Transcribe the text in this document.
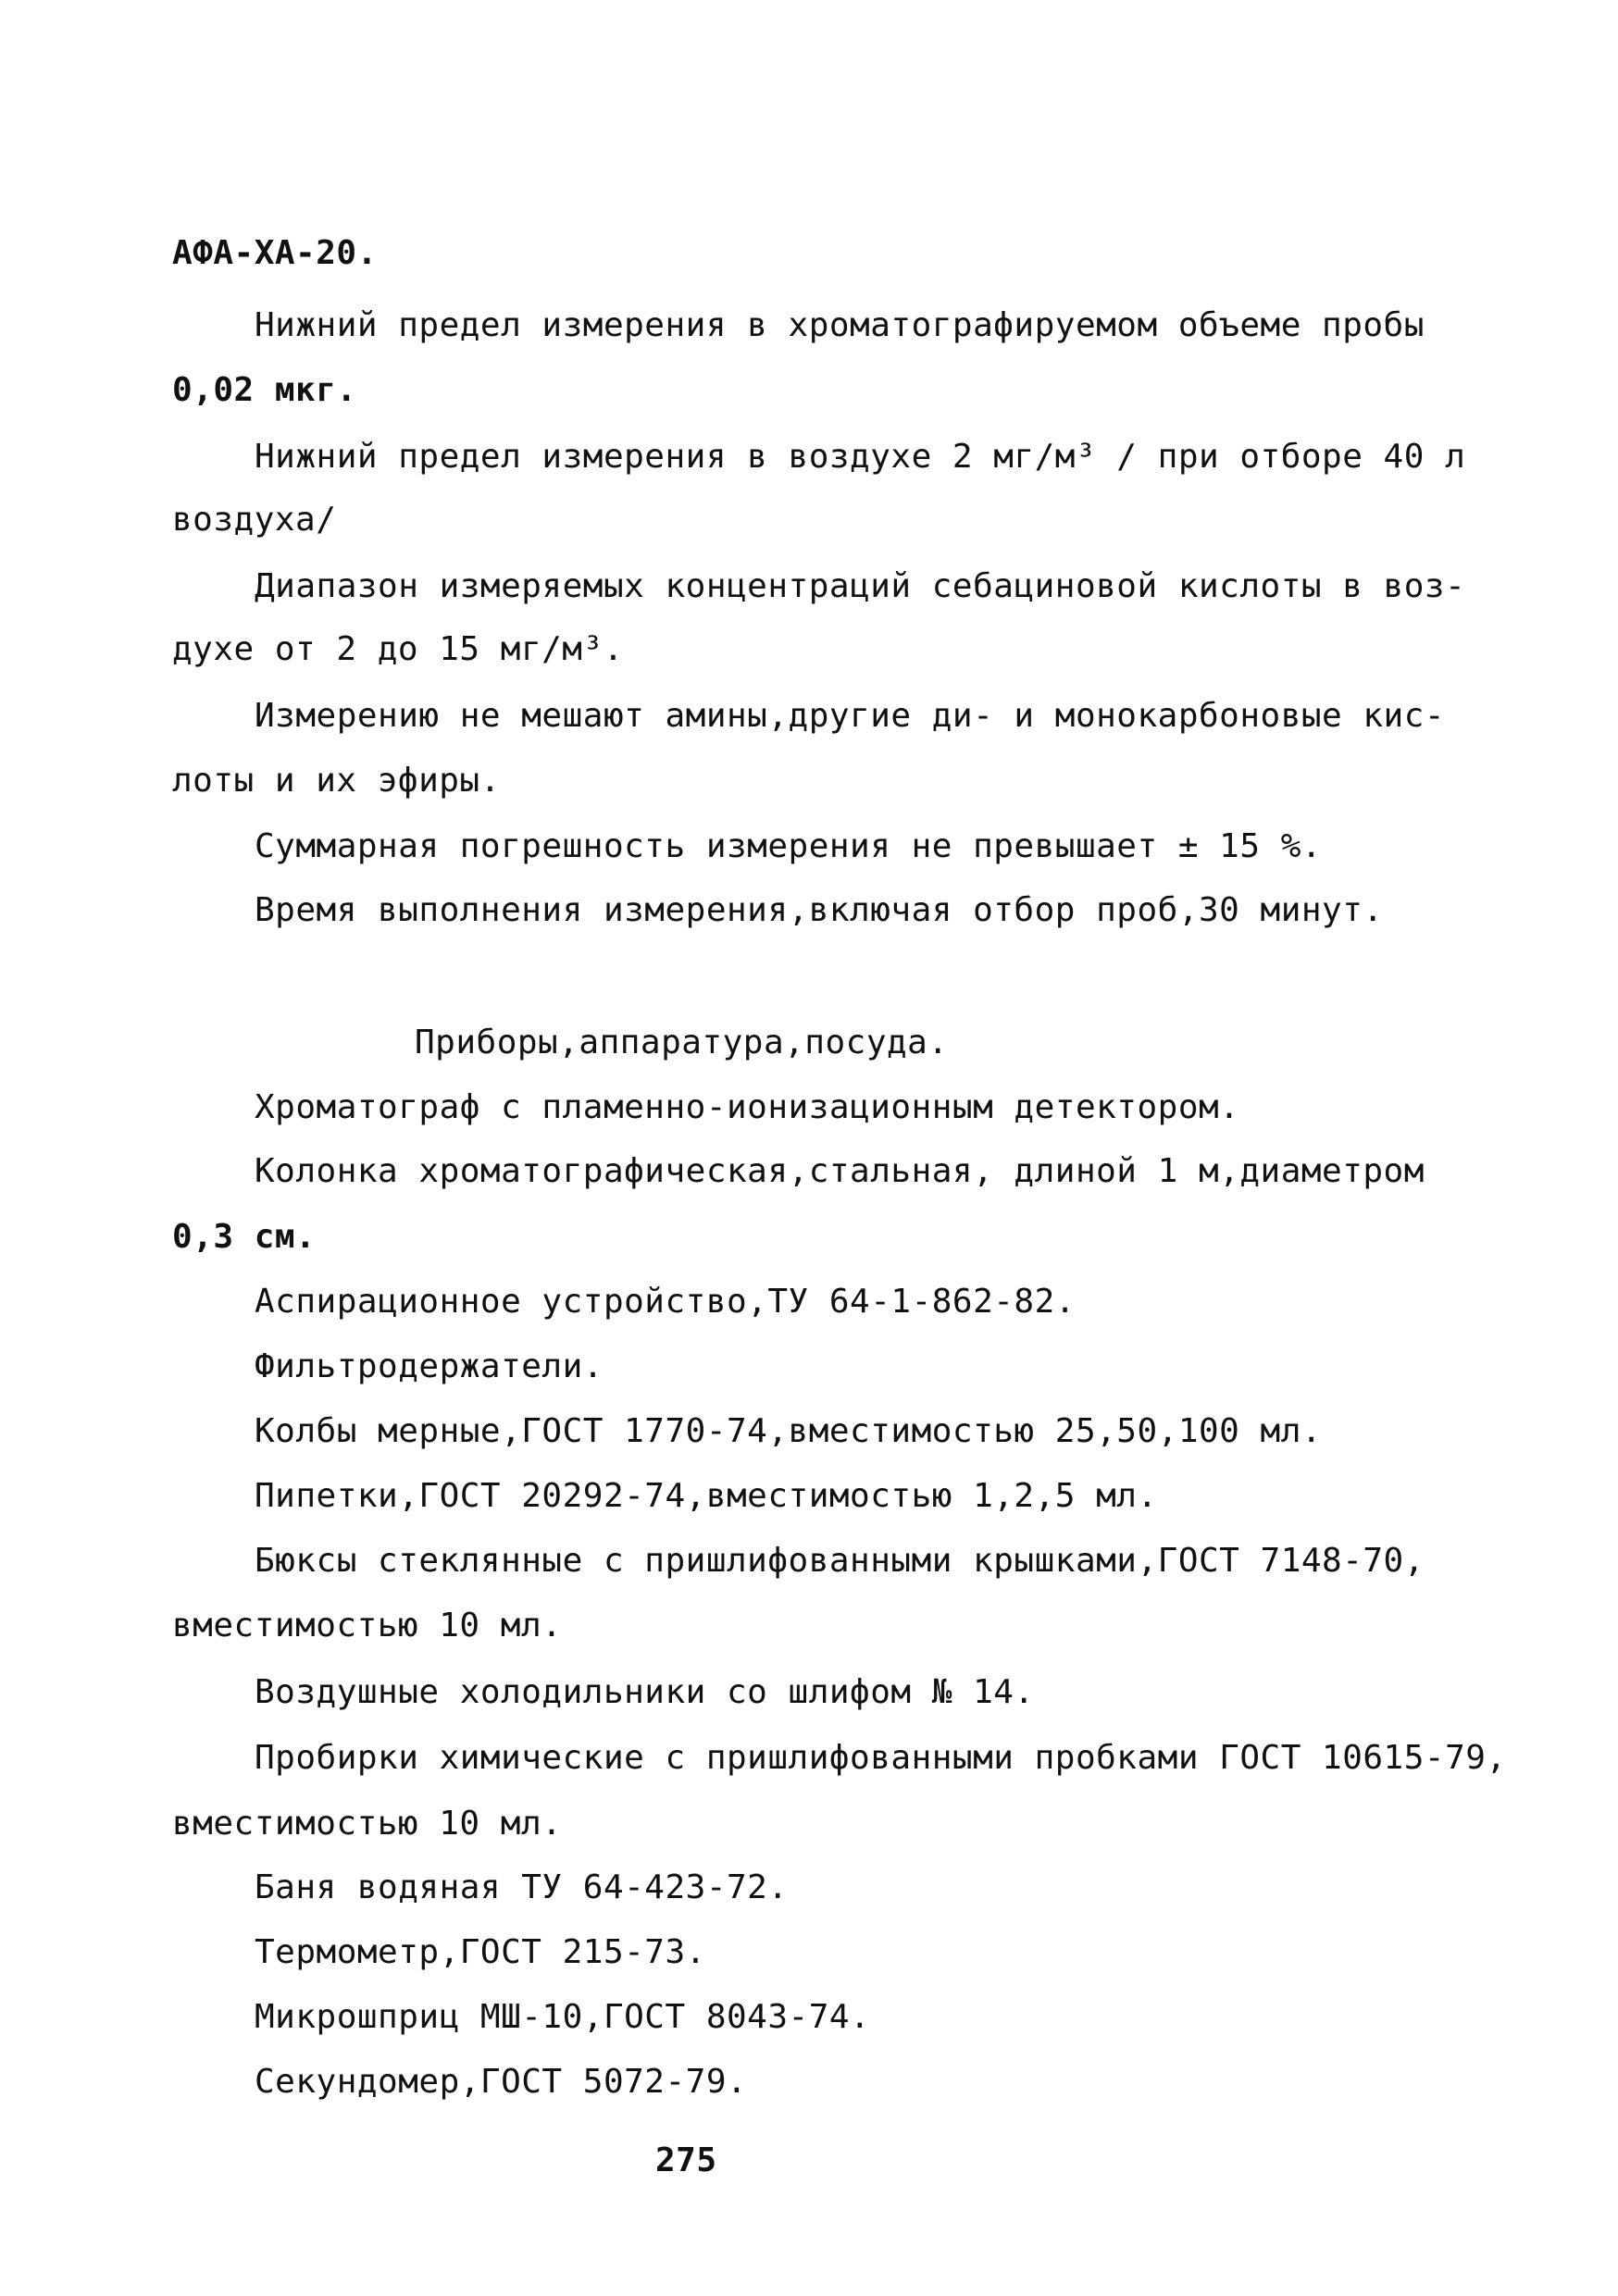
АФА-ХА-20.
Нижний предел измерения в хроматографируемом объеме пробы
0,02 мкг.
Нижний предел измерения в воздухе 2 мг/м³ / при отборе 40 л
воздуха/
Диапазон измеряемых концентраций себациновой кислоты в воз-
духе от 2 до 15 мг/м³.
Измерению не мешают амины,другие ди- и монокарбоновые кис-
лоты и их эфиры.
Суммарная погрешность измерения не превышает ± 15 %.
Время выполнения измерения,включая отбор проб,30 минут.
Приборы,аппаратура,посуда.
Хроматограф с пламенно-ионизационным детектором.
Колонка хроматографическая,стальная, длиной 1 м,диаметром
0,3 см.
Аспирационное устройство,ТУ 64-1-862-82.
Фильтродержатели.
Колбы мерные,ГОСТ 1770-74,вместимостью 25,50,100 мл.
Пипетки,ГОСТ 20292-74,вместимостью 1,2,5 мл.
Бюксы стеклянные с пришлифованными крышками,ГОСТ 7148-70,
вместимостью 10 мл.
Воздушные холодильники со шлифом № 14.
Пробирки химические с пришлифованными пробками ГОСТ 10615-79,
вместимостью 10 мл.
Баня водяная ТУ 64-423-72.
Термометр,ГОСТ 215-73.
Микрошприц МШ-10,ГОСТ 8043-74.
Секундомер,ГОСТ 5072-79.
275
